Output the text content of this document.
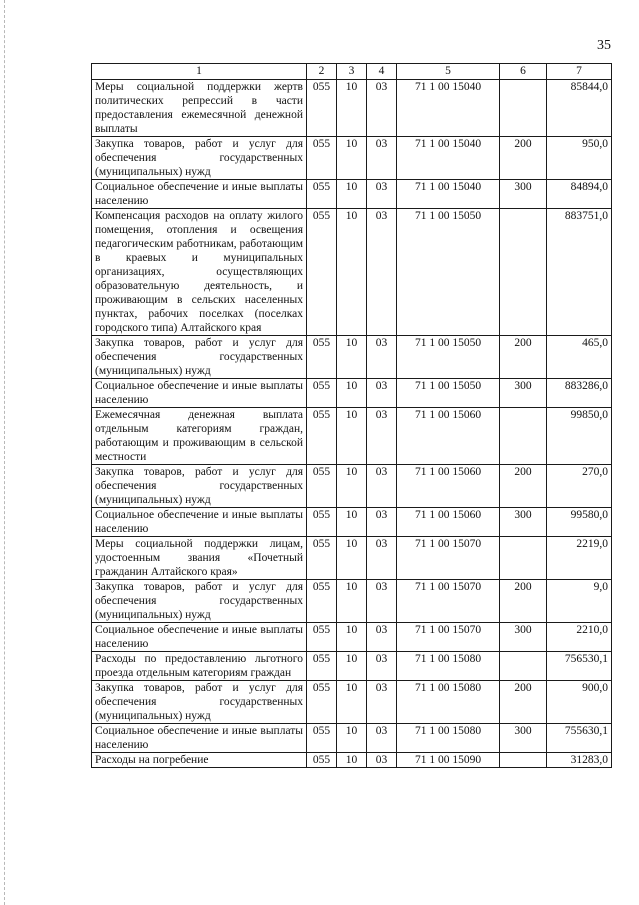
35
1	2	3	4	5	6	7
Меры социальной поддержки жертв политических репрессий в части предоставления ежемесячной денежной выплаты	055	10	03	71 1 00 15040		85844,0
Закупка товаров, работ и услуг для обеспечения государственных (муниципальных) нужд	055	10	03	71 1 00 15040	200	950,0
Социальное обеспечение и иные выплаты населению	055	10	03	71 1 00 15040	300	84894,0
Компенсация расходов на оплату жилого помещения, отопления и освещения педагогическим работникам, работающим в краевых и муниципальных организациях, осуществляющих образовательную деятельность, и проживающим в сельских населенных пунктах, рабочих поселках (поселках городского типа) Алтайского края	055	10	03	71 1 00 15050		883751,0
Закупка товаров, работ и услуг для обеспечения государственных (муниципальных) нужд	055	10	03	71 1 00 15050	200	465,0
Социальное обеспечение и иные выплаты населению	055	10	03	71 1 00 15050	300	883286,0
Ежемесячная денежная выплата отдельным категориям граждан, работающим и проживающим в сельской местности	055	10	03	71 1 00 15060		99850,0
Закупка товаров, работ и услуг для обеспечения государственных (муниципальных) нужд	055	10	03	71 1 00 15060	200	270,0
Социальное обеспечение и иные выплаты населению	055	10	03	71 1 00 15060	300	99580,0
Меры социальной поддержки лицам, удостоенным звания «Почетный гражданин Алтайского края»	055	10	03	71 1 00 15070		2219,0
Закупка товаров, работ и услуг для обеспечения государственных (муниципальных) нужд	055	10	03	71 1 00 15070	200	9,0
Социальное обеспечение и иные выплаты населению	055	10	03	71 1 00 15070	300	2210,0
Расходы по предоставлению льготного проезда отдельным категориям граждан	055	10	03	71 1 00 15080		756530,1
Закупка товаров, работ и услуг для обеспечения государственных (муниципальных) нужд	055	10	03	71 1 00 15080	200	900,0
Социальное обеспечение и иные выплаты населению	055	10	03	71 1 00 15080	300	755630,1
Расходы на погребение	055	10	03	71 1 00 15090		31283,0
